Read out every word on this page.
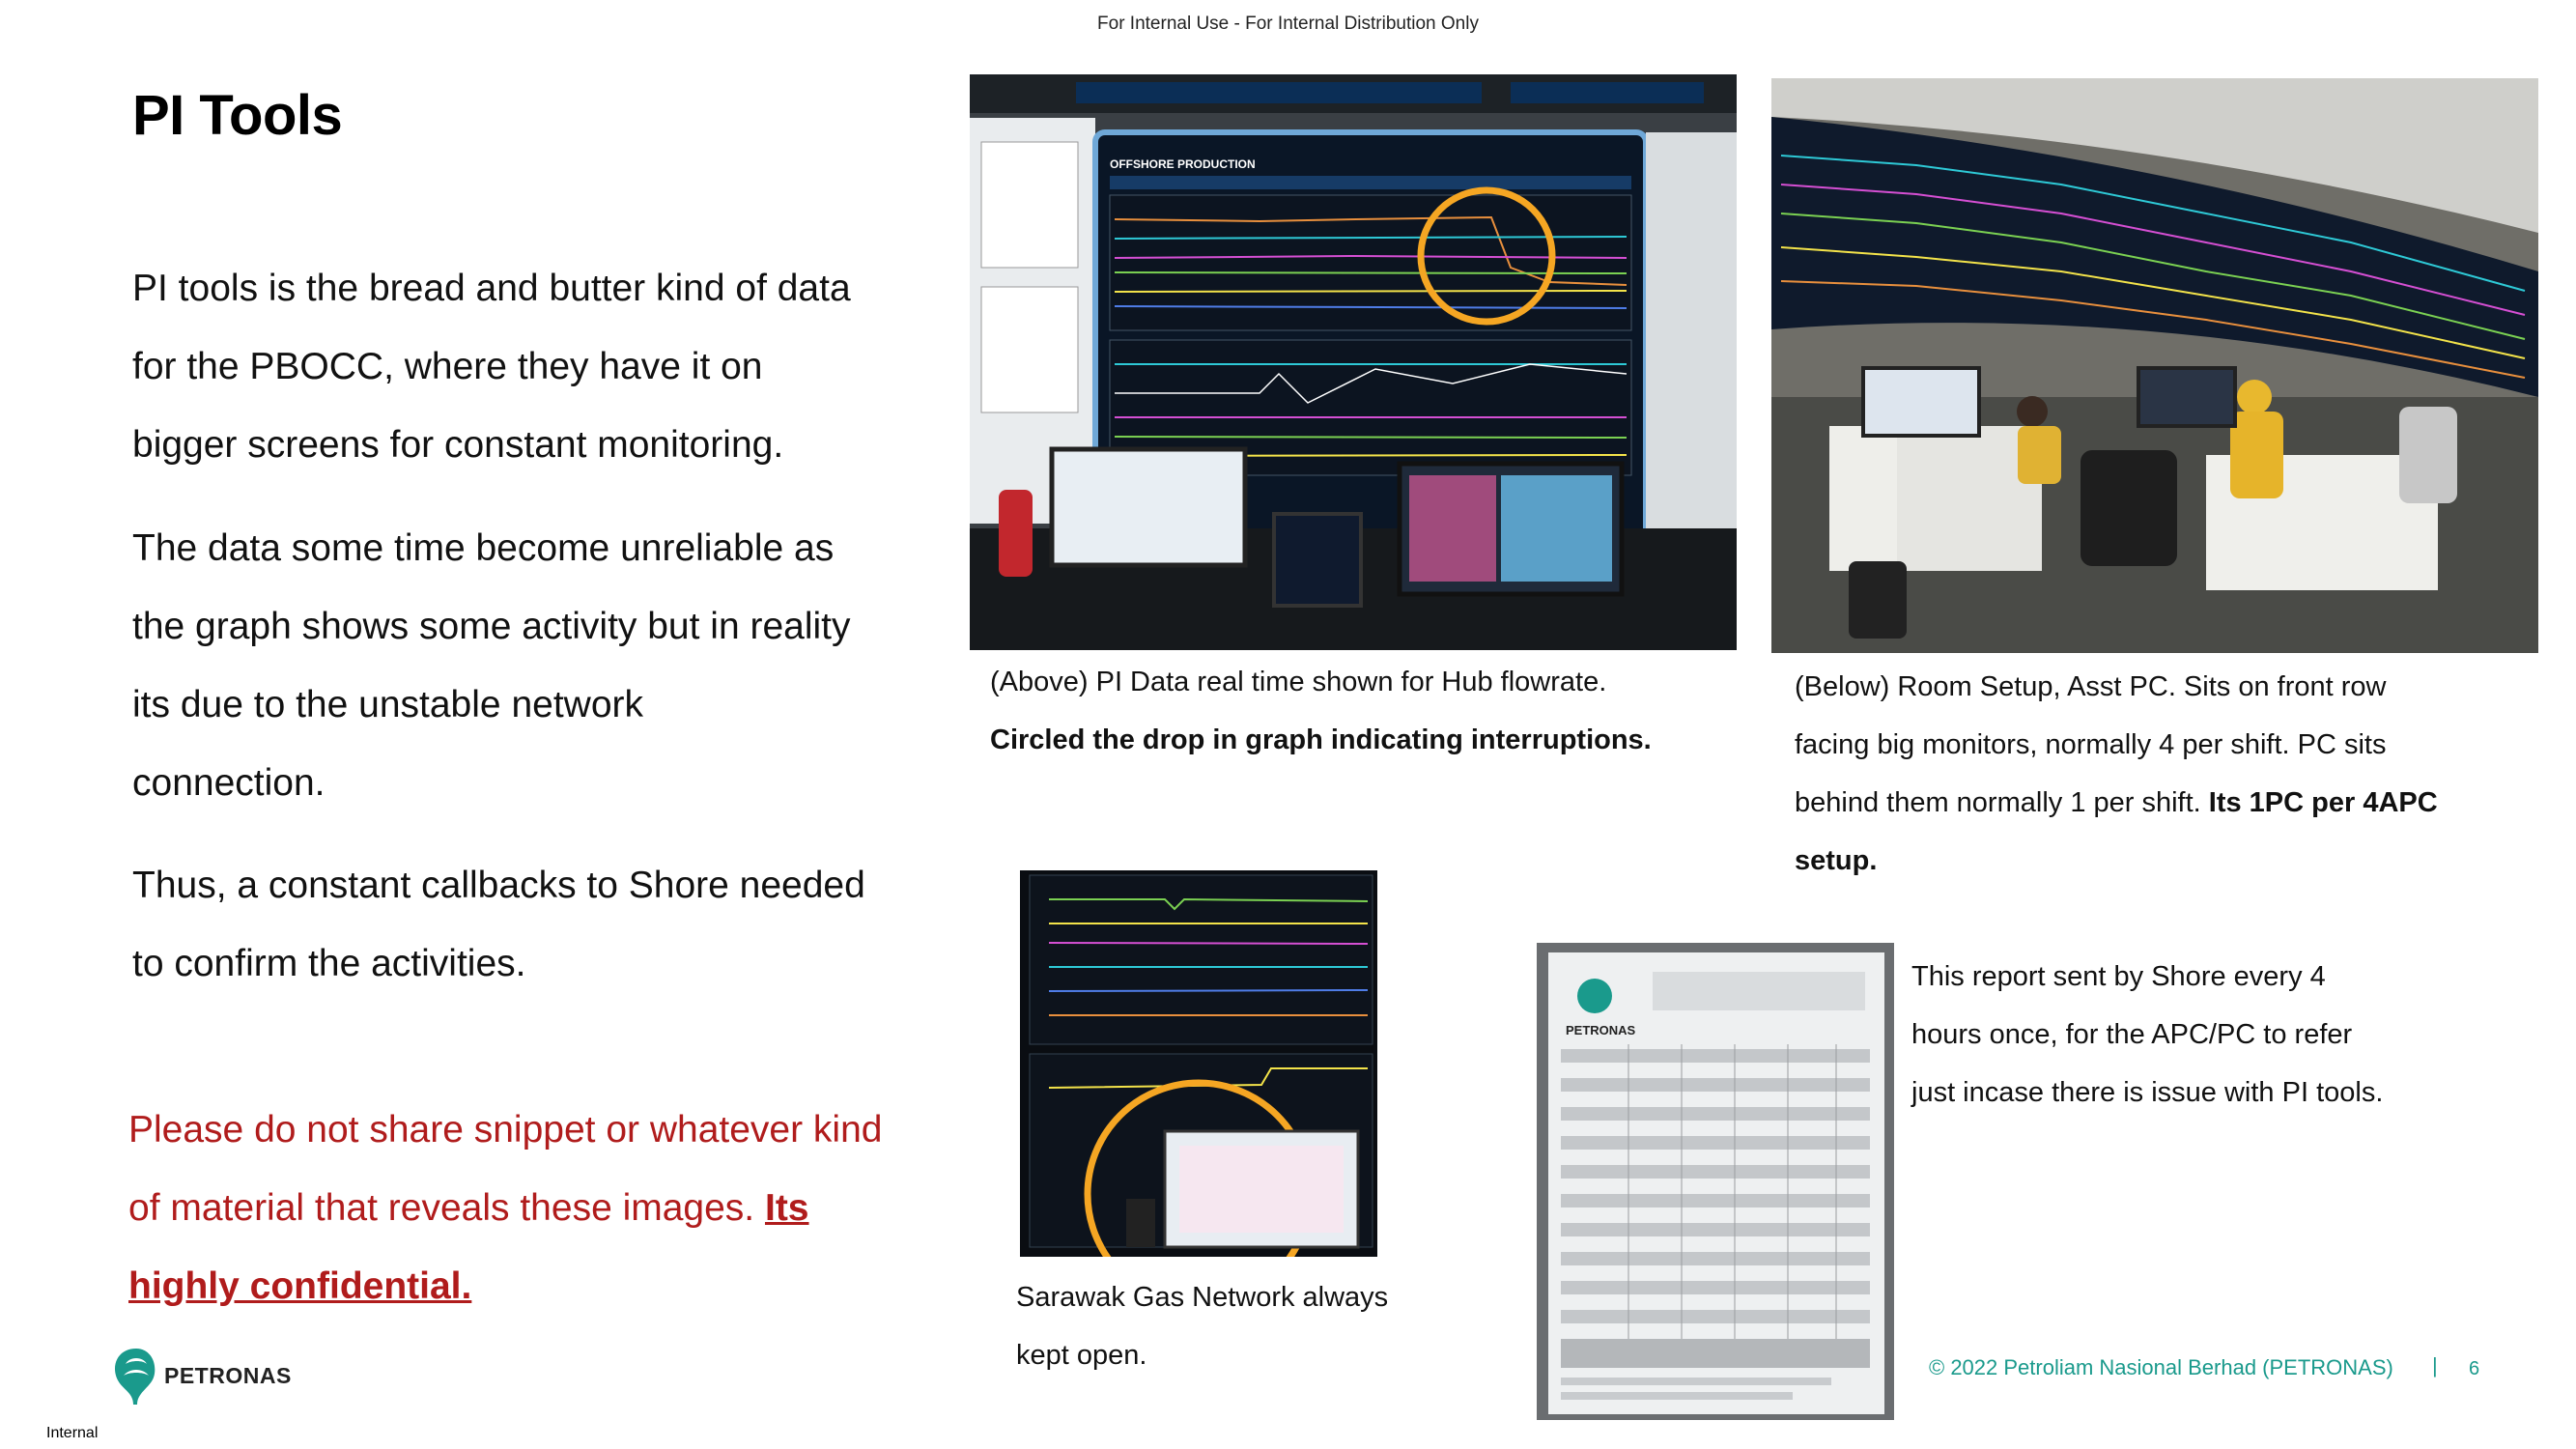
For Internal Use - For Internal Distribution Only
PI Tools
PI tools is the bread and butter kind of data
for the PBOCC, where they have it on
bigger screens for constant monitoring.
The data some time become unreliable as
the graph shows some activity but in reality
its due to the unstable network
connection.
Thus, a constant callbacks to Shore needed
to confirm the activities.
Please do not share snippet or whatever kind
of material that reveals these images. Its
highly confidential.
OFFSHORE PRODUCTION
PETRONAS
(Above) PI Data real time shown for Hub flowrate.
Circled the drop in graph indicating interruptions.
(Below) Room Setup, Asst PC. Sits on front row
facing big monitors, normally 4 per shift. PC sits
behind them normally 1 per shift. Its 1PC per 4APC
setup.
Sarawak Gas Network always
kept open.
This report sent by Shore every 4
hours once, for the APC/PC to refer
just incase there is issue with PI tools.
PETRONAS	© 2022 Petroliam Nasional Berhad (PETRONAS) | 6
Internal
